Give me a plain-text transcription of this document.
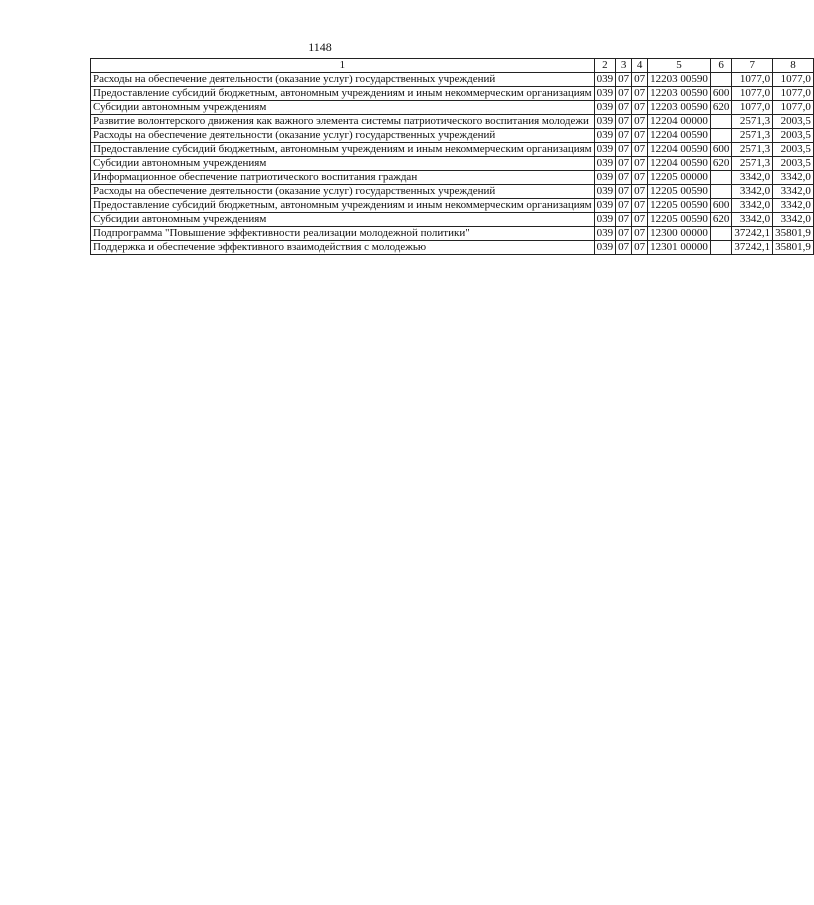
1148
1	2	3	4	5	6	7	8
Расходы на обеспечение деятельности (оказание услуг) государственных учреждений	039	07	07	12203 00590		1077,0	1077,0
Предоставление субсидий бюджетным, автономным учреждениям и иным некоммерческим организациям	039	07	07	12203 00590	600	1077,0	1077,0
Субсидии автономным учреждениям	039	07	07	12203 00590	620	1077,0	1077,0
Развитие волонтерского движения как важного элемента системы патриотического воспитания молодежи	039	07	07	12204 00000		2571,3	2003,5
Расходы на обеспечение деятельности (оказание услуг) государственных учреждений	039	07	07	12204 00590		2571,3	2003,5
Предоставление субсидий бюджетным, автономным учреждениям и иным некоммерческим организациям	039	07	07	12204 00590	600	2571,3	2003,5
Субсидии автономным учреждениям	039	07	07	12204 00590	620	2571,3	2003,5
Информационное обеспечение патриотического воспитания граждан	039	07	07	12205 00000		3342,0	3342,0
Расходы на обеспечение деятельности (оказание услуг) государственных учреждений	039	07	07	12205 00590		3342,0	3342,0
Предоставление субсидий бюджетным, автономным учреждениям и иным некоммерческим организациям	039	07	07	12205 00590	600	3342,0	3342,0
Субсидии автономным учреждениям	039	07	07	12205 00590	620	3342,0	3342,0
Подпрограмма "Повышение эффективности реализации молодежной политики"	039	07	07	12300 00000		37242,1	35801,9
Поддержка и обеспечение эффективного взаимодействия с молодежью	039	07	07	12301 00000		37242,1	35801,9
